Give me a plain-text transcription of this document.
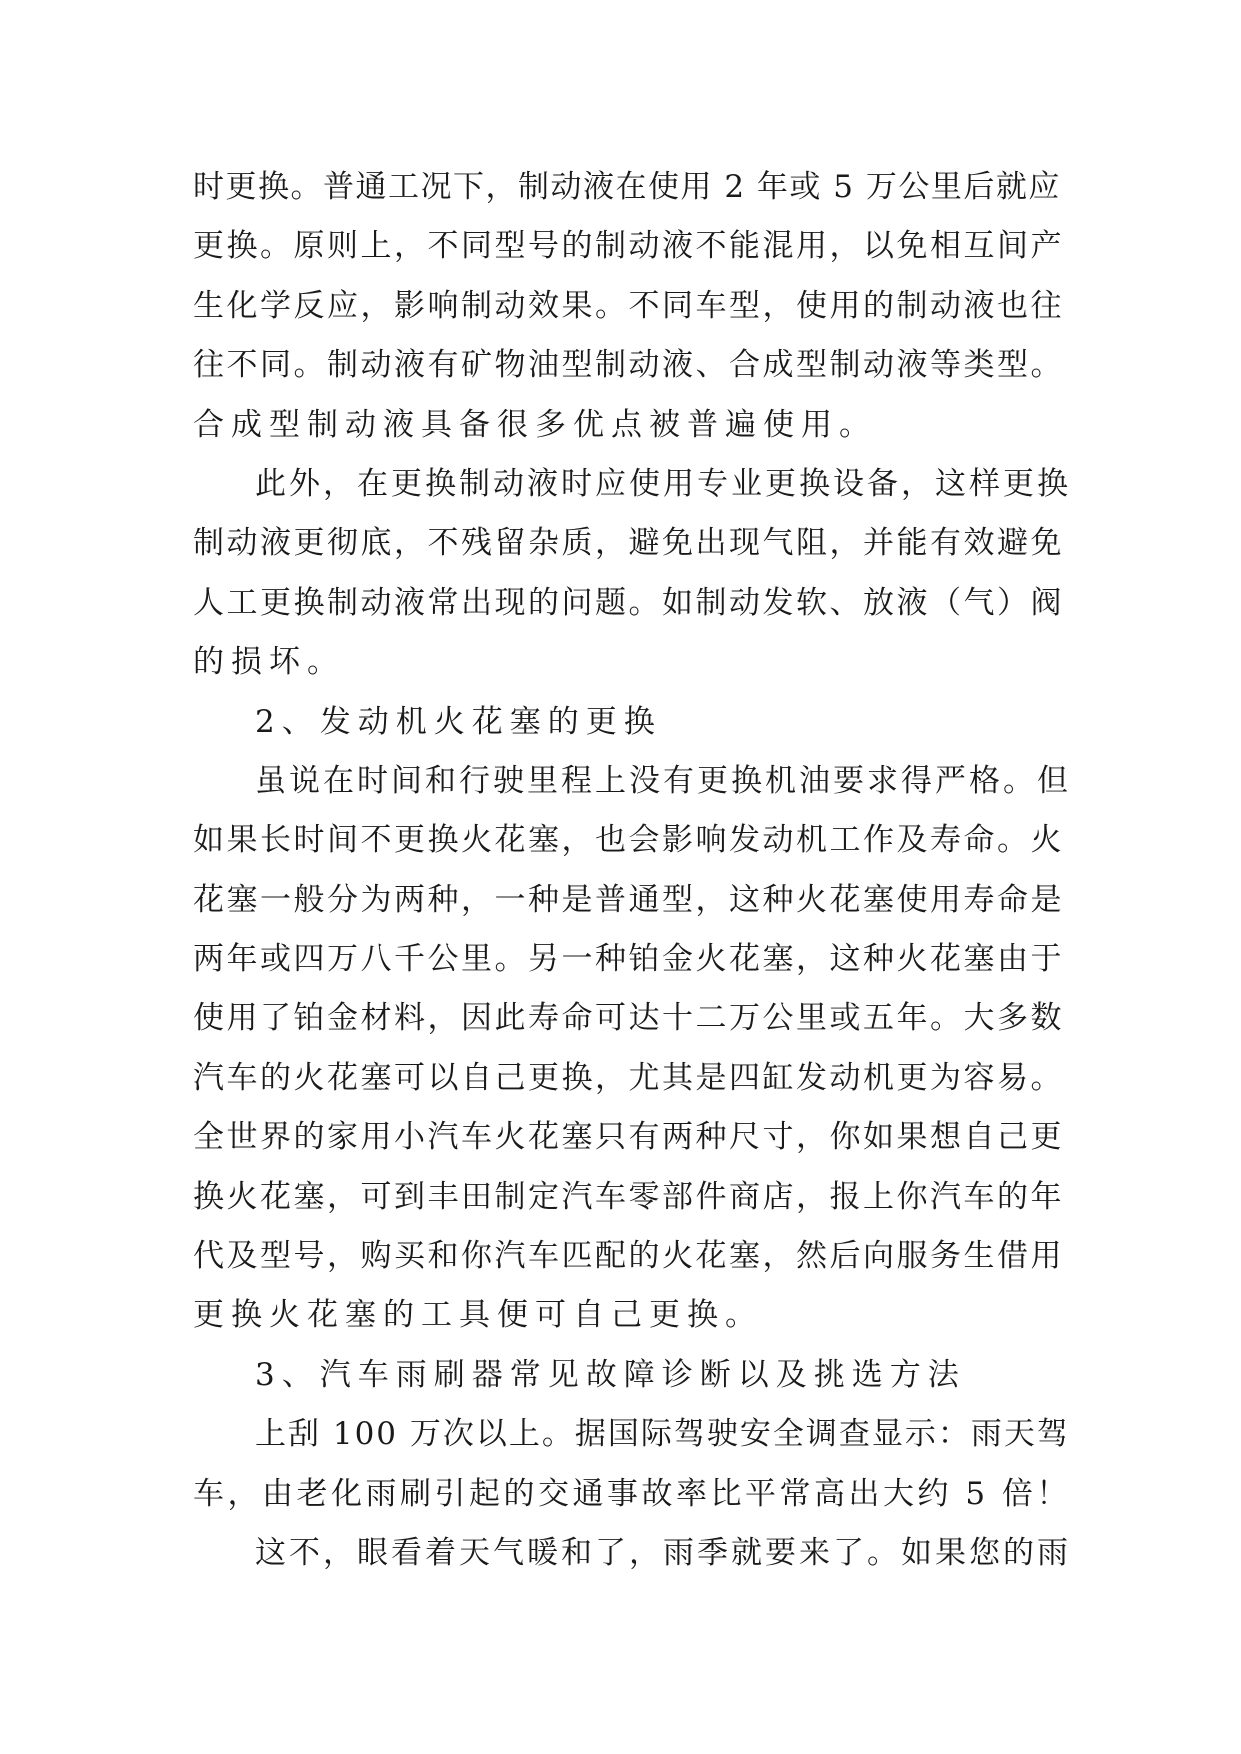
时更换。普通工况下，制动液在使用 2 年或 5 万公里后就应
更换。原则上，不同型号的制动液不能混用，以免相互间产
生化学反应，影响制动效果。不同车型，使用的制动液也往
往不同。制动液有矿物油型制动液、合成型制动液等类型。
合成型制动液具备很多优点被普遍使用。
此外，在更换制动液时应使用专业更换设备，这样更换
制动液更彻底，不残留杂质，避免出现气阻，并能有效避免
人工更换制动液常出现的问题。如制动发软、放液（气）阀
的损坏。
2、发动机火花塞的更换
虽说在时间和行驶里程上没有更换机油要求得严格。但
如果长时间不更换火花塞，也会影响发动机工作及寿命。火
花塞一般分为两种，一种是普通型，这种火花塞使用寿命是
两年或四万八千公里。另一种铂金火花塞，这种火花塞由于
使用了铂金材料，因此寿命可达十二万公里或五年。大多数
汽车的火花塞可以自己更换，尤其是四缸发动机更为容易。
全世界的家用小汽车火花塞只有两种尺寸，你如果想自己更
换火花塞，可到丰田制定汽车零部件商店，报上你汽车的年
代及型号，购买和你汽车匹配的火花塞，然后向服务生借用
更换火花塞的工具便可自己更换。
3、汽车雨刷器常见故障诊断以及挑选方法
上刮 100 万次以上。据国际驾驶安全调查显示：雨天驾
车，由老化雨刷引起的交通事故率比平常高出大约 5 倍！
这不，眼看着天气暖和了，雨季就要来了。如果您的雨
